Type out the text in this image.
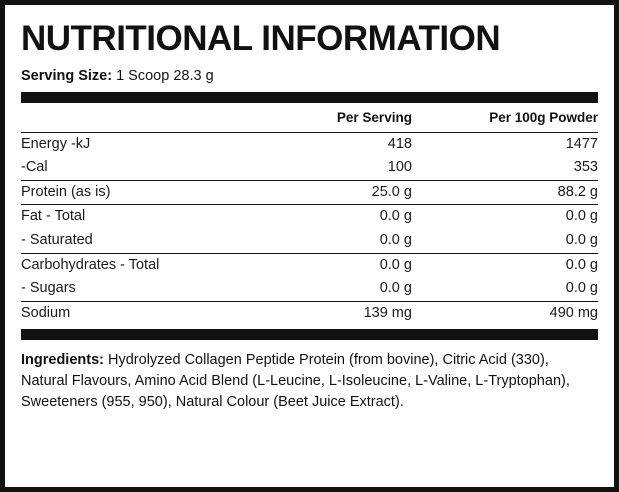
NUTRITIONAL INFORMATION
Serving Size: 1 Scoop 28.3 g
	Per Serving	Per 100g Powder

Energy -kJ	418	1477
-Cal	100	353

Protein (as is)	25.0 g	88.2 g

Fat - Total	0.0 g	0.0 g
- Saturated	0.0 g	0.0 g

Carbohydrates - Total	0.0 g	0.0 g
- Sugars	0.0 g	0.0 g

Sodium	139 mg	490 mg
Ingredients: Hydrolyzed Collagen Peptide Protein (from bovine), Citric Acid (330), Natural Flavours, Amino Acid Blend (L-Leucine, L-Isoleucine, L-Valine, L-Tryptophan), Sweeteners (955, 950), Natural Colour (Beet Juice Extract).
